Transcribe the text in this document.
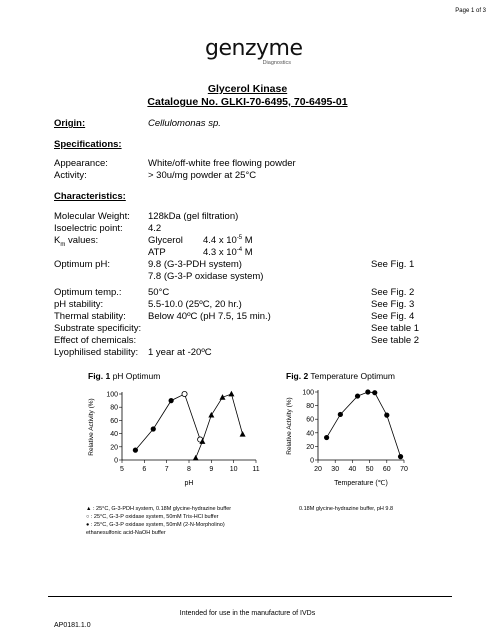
Page 1 of 3
genzyme
Diagnostics
Glycerol Kinase
Catalogue No. GLKI-70-6495, 70-6495-01
Origin:	Cellulomonas sp.
Specifications:
Appearance:	White/off-white free flowing powder
Activity:	> 30u/mg powder at 25°C
Characteristics:
Molecular Weight: 128kDa (gel filtration)
Isoelectric point:	4.2
$K_m$ values:	Glycerol 4.4 x $10^{-5}$ M
ATP	4.3 x $10^{-4}$ M
Optimum pH:	9.8 (G-3-PDH system)	See Fig. 1
7.8 (G-3-P oxidase system)
Optimum temp.:	50°C	See Fig. 2
pH stability:	5.5-10.0 (25ºC, 20 hr.)	See Fig. 3
Thermal stability: Below 40ºC (pH 7.5, 15 min.)	See Fig. 4
Substrate specificity:	See table 1
Effect of chemicals:	See table 2
Lyophilised stability: 1 year at -20ºC
Fig. 1 pH Optimum	Fig. 2 Temperature Optimum
0
20
40
60
80
100
5	6	7	8	9 10 11
pH
Relative Activity (%)
0
20
40
60
80
100
20 30 40 50 60 70
Temperature (℃)
Relative Activity (%)
▲ : 25°C, G-3-PDH system, 0.18M glycine-hydrazine buffer
○ : 25°C, G-3-P oxidase system, 50mM Tris-HCl buffer
● : 25°C, G-3-P oxidase system, 50mM (2-N-Morpholino)
ethanesulfonic acid-NaOH buffer
0.18M glycine-hydrazine buffer, pH 9.8
Intended for use in the manufacture of IVDs
AP0181.1.0
